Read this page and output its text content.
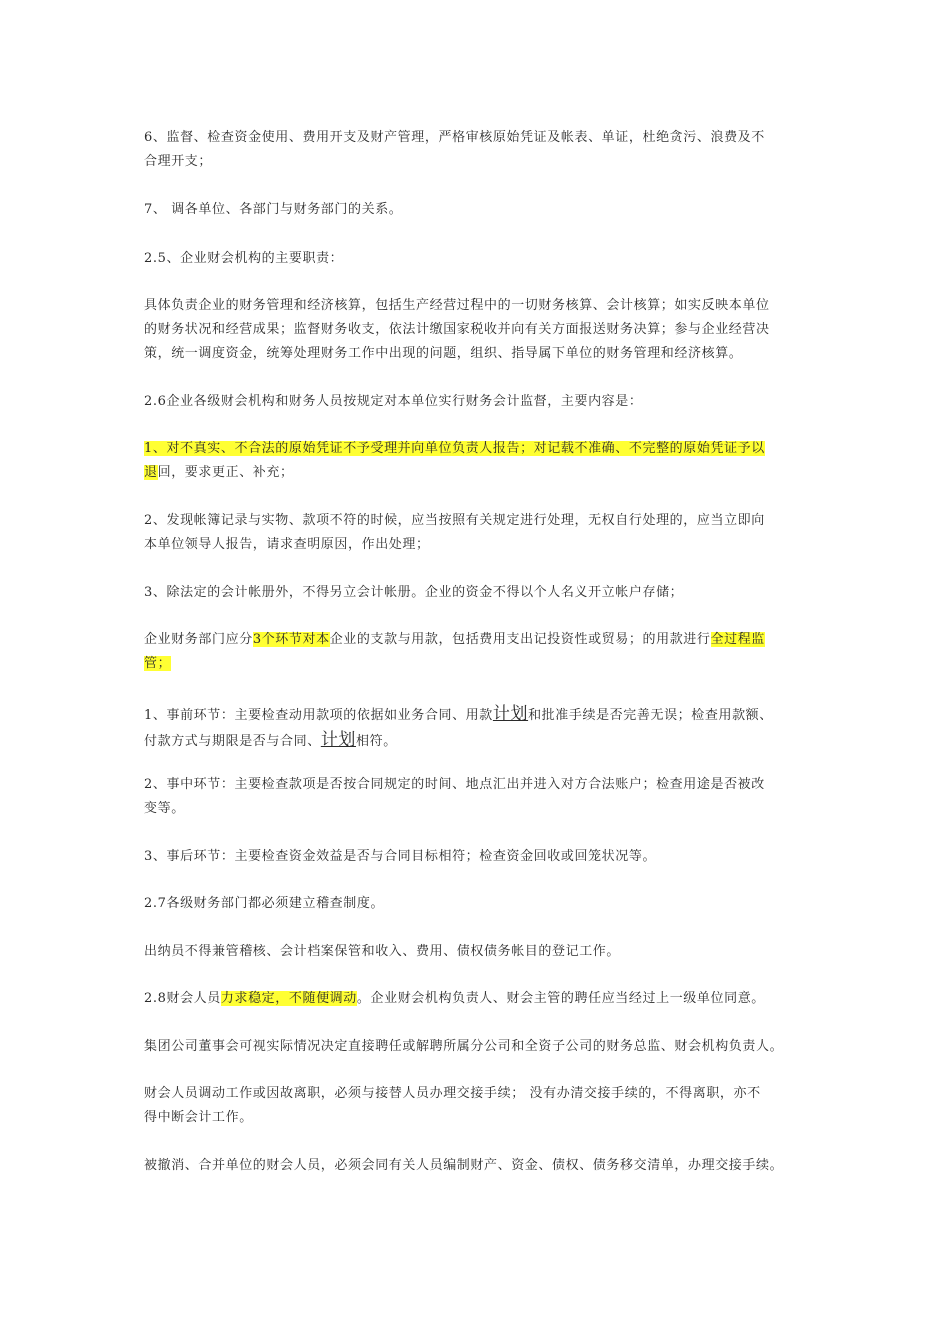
6、监督、检查资金使用、费用开支及财产管理，严格审核原始凭证及帐表、单证，杜绝贪污、浪费及不

合理开支；

7、 调各单位、各部门与财务部门的关系。

2.5、企业财会机构的主要职责：

具体负责企业的财务管理和经济核算，包括生产经营过程中的一切财务核算、会计核算；如实反映本单位

的财务状况和经营成果；监督财务收支，依法计缴国家税收并向有关方面报送财务决算；参与企业经营决

策，统一调度资金，统筹处理财务工作中出现的问题，组织、指导属下单位的财务管理和经济核算。

2.6企业各级财会机构和财务人员按规定对本单位实行财务会计监督，主要内容是：

1、对不真实、不合法的原始凭证不予受理并向单位负责人报告；对记载不准确、不完整的原始凭证予以

退回，要求更正、补充；

2、发现帐簿记录与实物、款项不符的时候，应当按照有关规定进行处理，无权自行处理的，应当立即向

本单位领导人报告，请求查明原因，作出处理；

3、除法定的会计帐册外，不得另立会计帐册。企业的资金不得以个人名义开立帐户存储；

企业财务部门应分3个环节对本企业的支款与用款，包括费用支出记投资性或贸易；的用款进行全过程监

管；

1、事前环节：主要检查动用款项的依据如业务合同、用款计划和批准手续是否完善无误；检查用款额、

付款方式与期限是否与合同、计划相符。

2、事中环节：主要检查款项是否按合同规定的时间、地点汇出并进入对方合法账户；检查用途是否被改

变等。

3、事后环节：主要检查资金效益是否与合同目标相符；检查资金回收或回笼状况等。

2.7各级财务部门都必须建立稽查制度。

出纳员不得兼管稽核、会计档案保管和收入、费用、债权债务帐目的登记工作。

2.8财会人员力求稳定，不随便调动。企业财会机构负责人、财会主管的聘任应当经过上一级单位同意。

集团公司董事会可视实际情况决定直接聘任或解聘所属分公司和全资子公司的财务总监、财会机构负责人。

财会人员调动工作或因故离职，必须与接替人员办理交接手续； 没有办清交接手续的，不得离职，亦不

得中断会计工作。

被撤消、合并单位的财会人员，必须会同有关人员编制财产、资金、债权、债务移交清单，办理交接手续。
